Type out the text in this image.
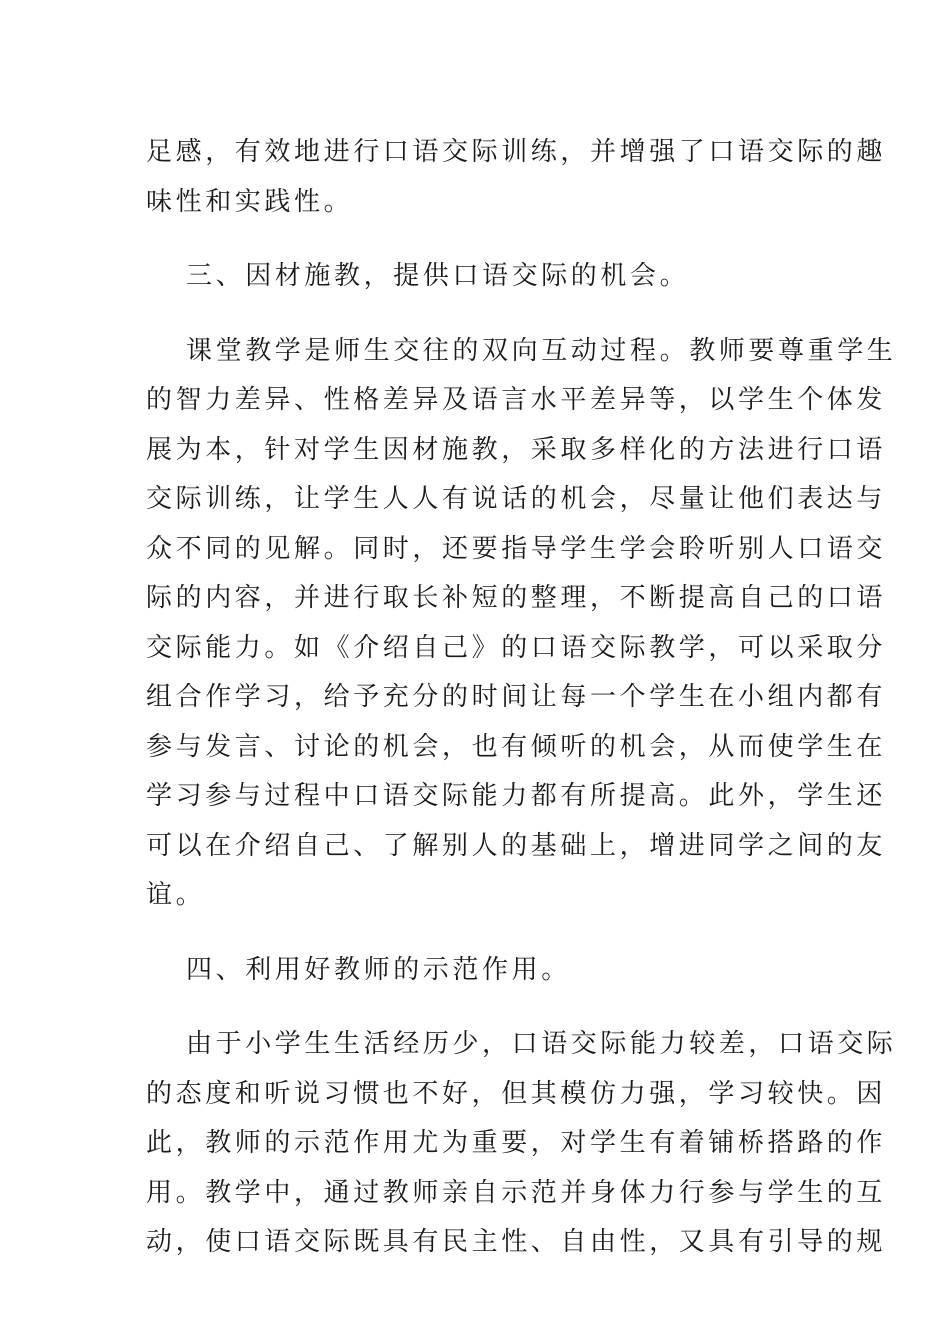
足感，有效地进行口语交际训练，并增强了口语交际的趣
味性和实践性。
三、因材施教，提供口语交际的机会。
课堂教学是师生交往的双向互动过程。教师要尊重学生
的智力差异、性格差异及语言水平差异等，以学生个体发
展为本，针对学生因材施教，采取多样化的方法进行口语
交际训练，让学生人人有说话的机会，尽量让他们表达与
众不同的见解。同时，还要指导学生学会聆听别人口语交
际的内容，并进行取长补短的整理，不断提高自己的口语
交际能力。如《介绍自己》的口语交际教学，可以采取分
组合作学习，给予充分的时间让每一个学生在小组内都有
参与发言、讨论的机会，也有倾听的机会，从而使学生在
学习参与过程中口语交际能力都有所提高。此外，学生还
可以在介绍自己、了解别人的基础上，增进同学之间的友
谊。
四、利用好教师的示范作用。
由于小学生生活经历少，口语交际能力较差，口语交际
的态度和听说习惯也不好，但其模仿力强，学习较快。因
此，教师的示范作用尤为重要，对学生有着铺桥搭路的作
用。教学中，通过教师亲自示范并身体力行参与学生的互
动，使口语交际既具有民主性、自由性，又具有引导的规
